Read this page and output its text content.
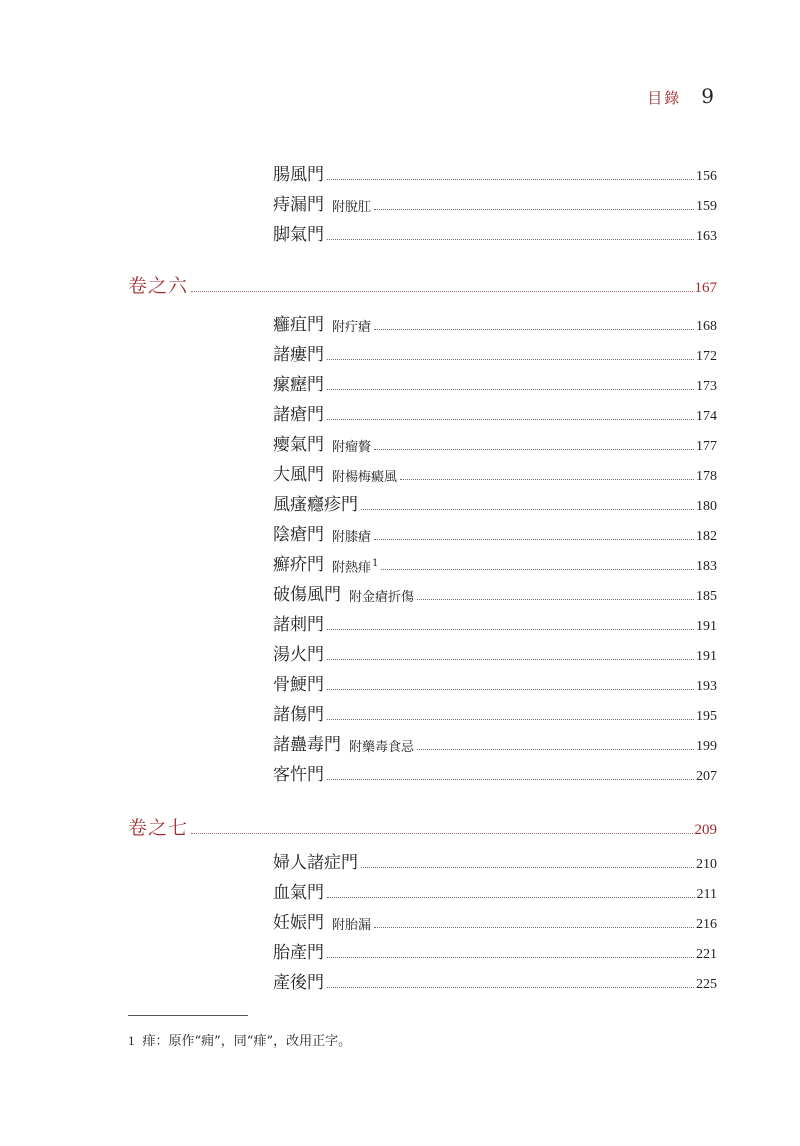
目錄 9
腸風門	156
痔漏門 附脫肛	159
脚氣門	163
卷之六	167
癰疽門 附疔瘡	168
諸瘻門	172
瘰癧門	173
諸瘡門	174
瘿氣門 附瘤贅	177
大風門 附楊梅癜風	178
風瘙癮疹門	180
陰瘡門 附膝瘡	182
癬疥門 附熱痱$^1$	183
破傷風門 附金瘡折傷	185
諸刺門	191
湯火門	191
骨鯁門	193
諸傷門	195
諸蠱毒門 附藥毒食忌	199
客忤門	207
卷之七	209
婦人諸症門	210
血氣門	211
妊娠門 附胎漏	216
胎產門	221
產後門	225
1 痱：原作“痈”，同“痱”，改用正字。
